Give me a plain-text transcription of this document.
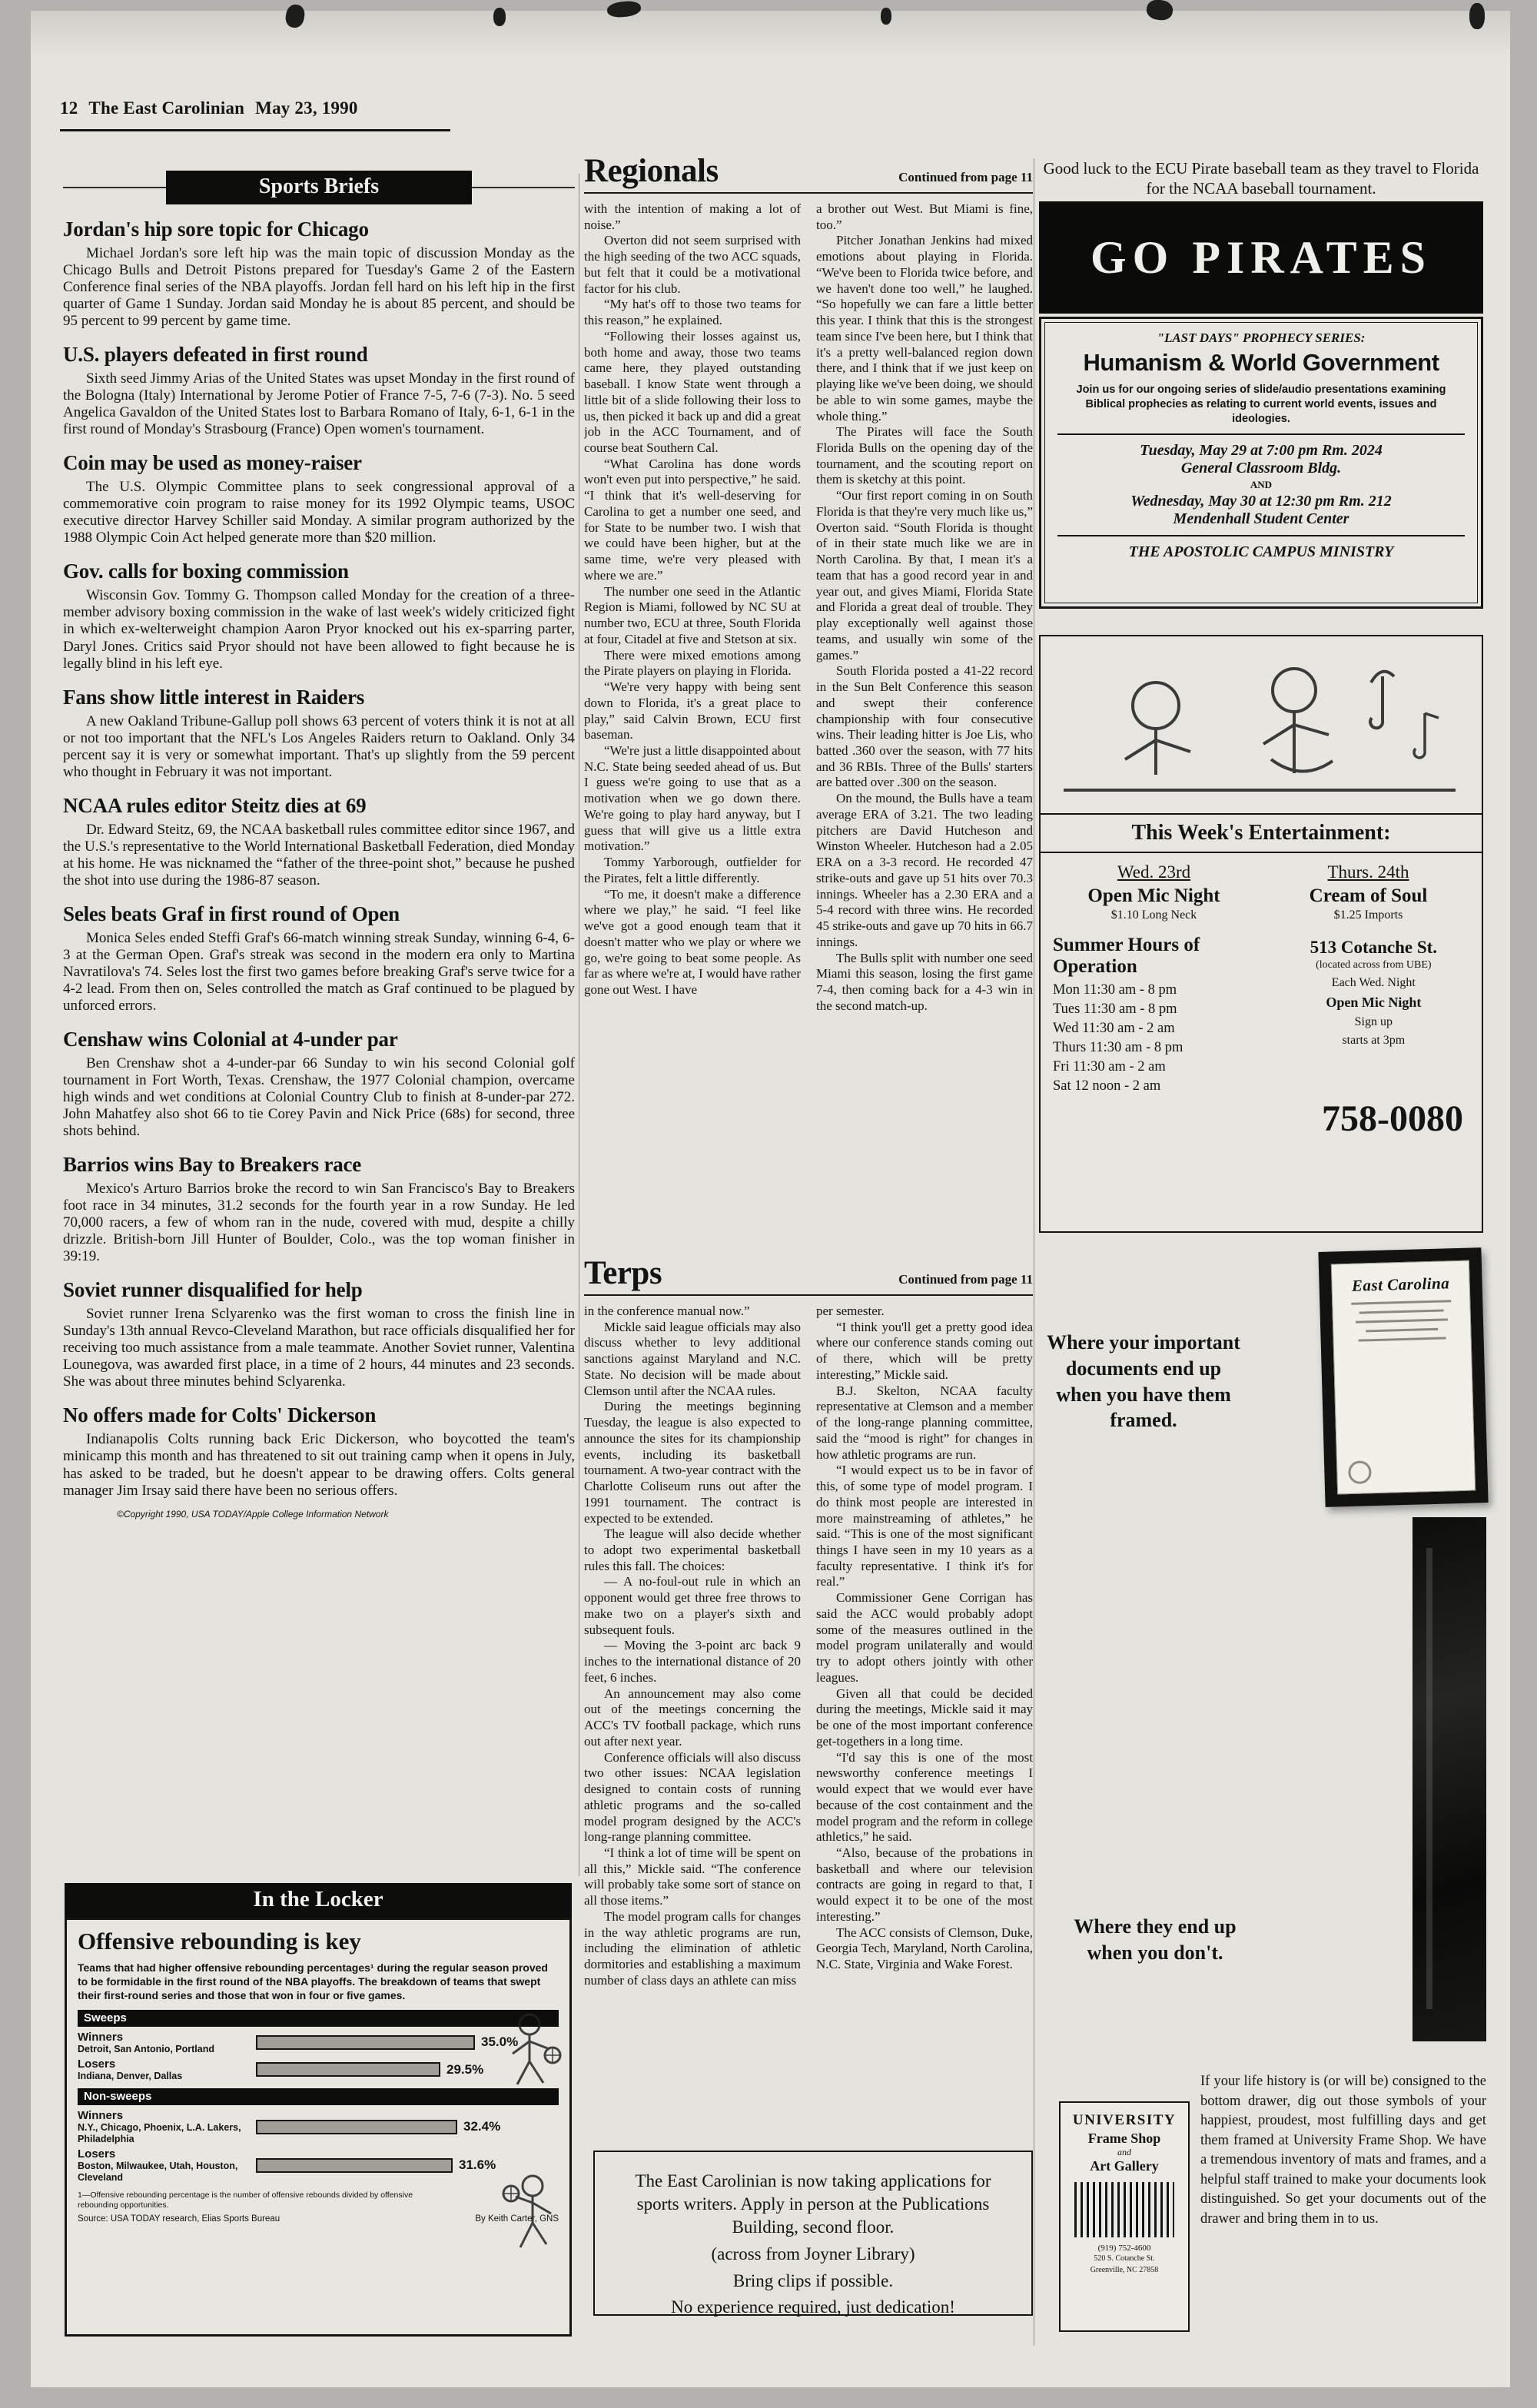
12 The East Carolinian May 23, 1990
Sports Briefs
Jordan's hip sore topic for Chicago

Michael Jordan's sore left hip was the main topic of discussion Monday as the Chicago Bulls and Detroit Pistons prepared for Tuesday's Game 2 of the Eastern Conference final series of the NBA playoffs. Jordan fell hard on his left hip in the first quarter of Game 1 Sunday. Jordan said Monday he is about 85 percent, and should be 95 percent to 99 percent by game time.

U.S. players defeated in first round

Sixth seed Jimmy Arias of the United States was upset Monday in the first round of the Bologna (Italy) International by Jerome Potier of France 7-5, 7-6 (7-3). No. 5 seed Angelica Gavaldon of the United States lost to Barbara Romano of Italy, 6-1, 6-1 in the first round of Monday's Strasbourg (France) Open women's tournament.

Coin may be used as money-raiser

The U.S. Olympic Committee plans to seek congressional approval of a commemorative coin program to raise money for its 1992 Olympic teams, USOC executive director Harvey Schiller said Monday. A similar program authorized by the 1988 Olympic Coin Act helped generate more than $20 million.

Gov. calls for boxing commission

Wisconsin Gov. Tommy G. Thompson called Monday for the creation of a three-member advisory boxing commission in the wake of last week's widely criticized fight in which ex-welterweight champion Aaron Pryor knocked out his ex-sparring parter, Daryl Jones. Critics said Pryor should not have been allowed to fight because he is legally blind in his left eye.

Fans show little interest in Raiders

A new Oakland Tribune-Gallup poll shows 63 percent of voters think it is not at all or not too important that the NFL's Los Angeles Raiders return to Oakland. Only 34 percent say it is very or somewhat important. That's up slightly from the 59 percent who thought in February it was not important.

NCAA rules editor Steitz dies at 69

Dr. Edward Steitz, 69, the NCAA basketball rules committee editor since 1967, and the U.S.'s representative to the World International Basketball Federation, died Monday at his home. He was nicknamed the “father of the three-point shot,” because he pushed the shot into use during the 1986-87 season.

Seles beats Graf in first round of Open

Monica Seles ended Steffi Graf's 66-match winning streak Sunday, winning 6-4, 6-3 at the German Open. Graf's streak was second in the modern era only to Martina Navratilova's 74. Seles lost the first two games before breaking Graf's serve twice for a 4-2 lead. From then on, Seles controlled the match as Graf continued to be plagued by unforced errors.

Censhaw wins Colonial at 4-under par

Ben Crenshaw shot a 4-under-par 66 Sunday to win his second Colonial golf tournament in Fort Worth, Texas. Crenshaw, the 1977 Colonial champion, overcame high winds and wet conditions at Colonial Country Club to finish at 8-under-par 272. John Mahatfey also shot 66 to tie Corey Pavin and Nick Price (68s) for second, three shots behind.

Barrios wins Bay to Breakers race

Mexico's Arturo Barrios broke the record to win San Francisco's Bay to Breakers foot race in 34 minutes, 31.2 seconds for the fourth year in a row Sunday. He led 70,000 racers, a few of whom ran in the nude, covered with mud, despite a chilly drizzle. British-born Jill Hunter of Boulder, Colo., was the top woman finisher in 39:19.

Soviet runner disqualified for help

Soviet runner Irena Sclyarenko was the first woman to cross the finish line in Sunday's 13th annual Revco-Cleveland Marathon, but race officials disqualified her for receiving too much assistance from a male teammate. Another Soviet runner, Valentina Lounegova, was awarded first place, in a time of 2 hours, 44 minutes and 23 seconds. She was about three minutes behind Sclyarenka.

No offers made for Colts' Dickerson

Indianapolis Colts running back Eric Dickerson, who boycotted the team's minicamp this month and has threatened to sit out training camp when it opens in July, has asked to be traded, but he doesn't appear to be drawing offers. Colts general manager Jim Irsay said there have been no serious offers.

©Copyright 1990, USA TODAY/Apple College Information Network
In the Locker
Offensive rebounding is key
Teams that had higher offensive rebounding percentages¹ during the regular season proved to be formidable in the first round of the NBA playoffs. The breakdown of teams that swept their first-round series and those that won in four or five games.
Sweeps
Winners
Detroit, San Antonio, Portland	35.0%
Losers
Indiana, Denver, Dallas	29.5%
Non-sweeps
Winners
N.Y., Chicago, Phoenix, L.A. Lakers, Philadelphia
32.4%
Losers
Boston, Milwaukee, Utah, Houston, Cleveland
31.6%
1—Offensive rebounding percentage is the number of offensive rebounds divided by offensive rebounding opportunities.
Source: USA TODAY research, Elias Sports Bureau	By Keith Carter, GNS
Regionals	Continued from page 11

with the intention of making a lot of noise.”

Overton did not seem surprised with the high seeding of the two ACC squads, but felt that it could be a motivational factor for his club.

“My hat's off to those two teams for this reason,” he explained.

“Following their losses against us, both home and away, those two teams came here, they played outstanding baseball. I know State went through a little bit of a slide following their loss to us, then picked it back up and did a great job in the ACC Tournament, and of course beat Southern Cal.

“What Carolina has done words won't even put into perspective,” he said. “I think that it's well-deserving for Carolina to get a number one seed, and for State to be number two. I wish that we could have been higher, but at the same time, we're very pleased with where we are.”

The number one seed in the Atlantic Region is Miami, followed by NC SU at number two, ECU at three, South Florida at four, Citadel at five and Stetson at six.

There were mixed emotions among the Pirate players on playing in Florida.

“We're very happy with being sent down to Florida, it's a great place to play,” said Calvin Brown, ECU first baseman.

“We're just a little disappointed about N.C. State being seeded ahead of us. But I guess we're going to use that as a motivation when we go down there. We're going to play hard anyway, but I guess that will give us a little extra motivation.”

Tommy Yarborough, outfielder for the Pirates, felt a little differently.

“To me, it doesn't make a difference where we play,” he said. “I feel like we've got a good enough team that it doesn't matter who we play or where we go, we're going to beat some people. As far as where we're at, I would have rather gone out West. I have

a brother out West. But Miami is fine, too.”

Pitcher Jonathan Jenkins had mixed emotions about playing in Florida. “We've been to Florida twice before, and we haven't done too well,” he laughed. “So hopefully we can fare a little better this year. I think that this is the strongest team since I've been here, but I think that it's a pretty well-balanced region down there, and I think that if we just keep on playing like we've been doing, we should be able to win some games, maybe the whole thing.”

The Pirates will face the South Florida Bulls on the opening day of the tournament, and the scouting report on them is sketchy at this point.

“Our first report coming in on South Florida is that they're very much like us,” Overton said. “South Florida is thought of in their state much like we are in North Carolina. By that, I mean it's a team that has a good record year in and year out, and gives Miami, Florida State and Florida a great deal of trouble. They play exceptionally well against those teams, and usually win some of the games.”

South Florida posted a 41-22 record in the Sun Belt Conference this season and swept their conference championship with four consecutive wins. Their leading hitter is Joe Lis, who batted .360 over the season, with 77 hits and 36 RBIs. Three of the Bulls' starters are batted over .300 on the season.

On the mound, the Bulls have a team average ERA of 3.21. The two leading pitchers are David Hutcheson and Winston Wheeler. Hutcheson had a 2.05 ERA on a 3-3 record. He recorded 47 strike-outs and gave up 51 hits over 70.3 innings. Wheeler has a 2.30 ERA and a 5-4 record with three wins. He recorded 45 strike-outs and gave up 70 hits in 66.7 innings.

The Bulls split with number one seed Miami this season, losing the first game 7-4, then coming back for a 4-3 win in the second match-up.

Terps	Continued from page 11

in the conference manual now.”

Mickle said league officials may also discuss whether to levy additional sanctions against Maryland and N.C. State. No decision will be made about Clemson until after the NCAA rules.

During the meetings beginning Tuesday, the league is also expected to announce the sites for its championship events, including its basketball tournament. A two-year contract with the Charlotte Coliseum runs out after the 1991 tournament. The contract is expected to be extended.

The league will also decide whether to adopt two experimental basketball rules this fall. The choices:

— A no-foul-out rule in which an opponent would get three free throws to make two on a player's sixth and subsequent fouls.

— Moving the 3-point arc back 9 inches to the international distance of 20 feet, 6 inches.

An announcement may also come out of the meetings concerning the ACC's TV football package, which runs out after next year.

Conference officials will also discuss two other issues: NCAA legislation designed to contain costs of running athletic programs and the so-called model program designed by the ACC's long-range planning committee.

“I think a lot of time will be spent on all this,” Mickle said. “The conference will probably take some sort of stance on all those items.”

The model program calls for changes in the way athletic programs are run, including the elimination of athletic dormitories and establishing a maximum number of class days an athlete can miss

per semester.

“I think you'll get a pretty good idea where our conference stands coming out of there, which will be pretty interesting,” Mickle said.

B.J. Skelton, NCAA faculty representative at Clemson and a member of the long-range planning committee, said the “mood is right” for changes in how athletic programs are run.

“I would expect us to be in favor of this, of some type of model program. I do think most people are interested in more mainstreaming of athletes,” he said. “This is one of the most significant things I have seen in my 10 years as a faculty representative. I think it's for real.”

Commissioner Gene Corrigan has said the ACC would probably adopt some of the measures outlined in the model program unilaterally and would try to adopt others jointly with other leagues.

Given all that could be decided during the meetings, Mickle said it may be one of the most important conference get-togethers in a long time.

“I'd say this is one of the most newsworthy conference meetings I would expect that we would ever have because of the cost containment and the model program and the reform in college athletics,” he said.

“Also, because of the probations in basketball and where our television contracts are going in regard to that, I would expect it to be one of the most interesting.”

The ACC consists of Clemson, Duke, Georgia Tech, Maryland, North Carolina, N.C. State, Virginia and Wake Forest.

The East Carolinian is now taking applications for sports writers. Apply in person at the Publications Building, second floor.

(across from Joyner Library)

Bring clips if possible.

No experience required, just dedication!

Good luck to the ECU Pirate baseball team as they travel to Florida for the NCAA baseball tournament.
GO PIRATES
"LAST DAYS" PROPHECY SERIES:
Humanism & World Government
Join us for our ongoing series of slide/audio presentations examining Biblical prophecies as relating to current world events, issues and ideologies.
Tuesday, May 29 at 7:00 pm Rm. 2024
General Classroom Bldg.
AND
Wednesday, May 30 at 12:30 pm Rm. 212
Mendenhall Student Center
THE APOSTOLIC CAMPUS MINISTRY
This Week's Entertainment:
Wed. 23rd
Open Mic Night
$1.10 Long Neck
Thurs. 24th
Cream of Soul
$1.25 Imports
Summer Hours of Operation

Mon 11:30 am - 8 pm

Tues 11:30 am - 8 pm

Wed 11:30 am - 2 am

Thurs 11:30 am - 8 pm

Fri 11:30 am - 2 am

Sat 12 noon - 2 am

513 Cotanche St.
(located across from UBE)
Each Wed. Night
Open Mic Night
Sign up
starts at 3pm
758-0080
East Carolina
Where your important documents end up when you have them framed.
Where they end up when you don't.
UNIVERSITY
Frame Shop
and
Art Gallery
(919) 752-4600
520 S. Cotanche St.
Greenville, NC 27858
If your life history is (or will be) consigned to the bottom drawer, dig out those symbols of your happiest, proudest, most fulfilling days and get them framed at University Frame Shop. We have a tremendous inventory of mats and frames, and a helpful staff trained to make your documents look distinguished. So get your documents out of the drawer and bring them in to us.
